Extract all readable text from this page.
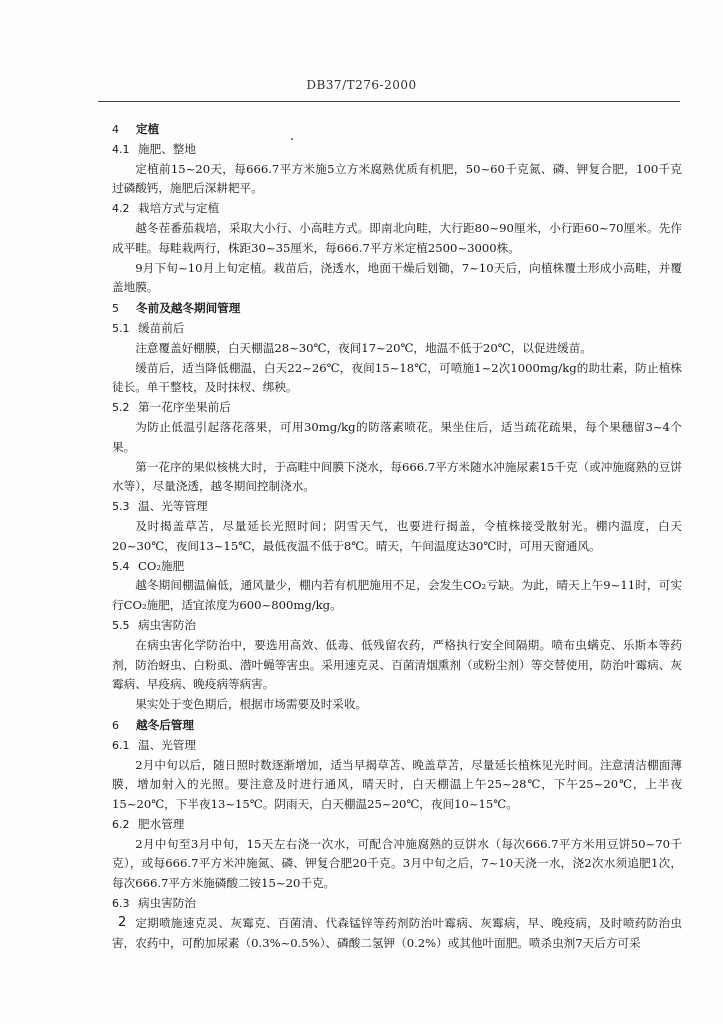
DB37/T276-2000
4 定植
4.1 施肥、整地

定植前15~20天，每666.7平方米施5立方米腐熟优质有机肥，50~60千克氮、磷、钾复合肥，100千克过磷酸钙，施肥后深耕耙平。

4.2 栽培方式与定植

越冬茬番茄栽培，采取大小行、小高畦方式。即南北向畦，大行距80~90厘米，小行距60~70厘米。先作成平畦。每畦栽两行，株距30~35厘米，每666.7平方米定植2500~3000株。

9月下旬~10月上旬定植。栽苗后，浇透水，地面干燥后划锄，7~10天后，向植株覆土形成小高畦，并覆盖地膜。

5 冬前及越冬期间管理
5.1 缓苗前后

注意覆盖好棚膜，白天棚温28~30℃，夜间17~20℃，地温不低于20℃，以促进缓苗。

缓苗后，适当降低棚温，白天22~26℃，夜间15~18℃，可喷施1~2次1000mg/kg的助壮素，防止植株徒长。单干整枝，及时抹杈、绑秧。

5.2 第一花序坐果前后

为防止低温引起落花落果，可用30mg/kg的防落素喷花。果坐住后，适当疏花疏果，每个果穗留3~4个果。

第一花序的果似核桃大时，于高畦中间膜下浇水，每666.7平方米随水冲施尿素15千克（或冲施腐熟的豆饼水等），尽量浇透，越冬期间控制浇水。

5.3 温、光等管理

及时揭盖草苫，尽量延长光照时间；阴雪天气，也要进行揭盖，令植株接受散射光。棚内温度，白天20~30℃，夜间13~15℃，最低夜温不低于8℃。晴天，午间温度达30℃时，可用天窗通风。

5.4 CO₂施肥

越冬期间棚温偏低，通风量少，棚内若有机肥施用不足，会发生CO₂亏缺。为此，晴天上午9~11时，可实行CO₂施肥，适宜浓度为600~800mg/kg。

5.5 病虫害防治

在病虫害化学防治中，要选用高效、低毒、低残留农药，严格执行安全间隔期。喷布虫螨克、乐斯本等药剂，防治蚜虫、白粉虱、潜叶蝇等害虫。采用速克灵、百菌清烟熏剂（或粉尘剂）等交替使用，防治叶霉病、灰霉病、早疫病、晚疫病等病害。

果实处于变色期后，根据市场需要及时采收。

6 越冬后管理
6.1 温、光管理

2月中旬以后，随日照时数逐渐增加，适当早揭草苫、晚盖草苫，尽量延长植株见光时间。注意清洁棚面薄膜，增加射入的光照。要注意及时进行通风，晴天时，白天棚温上午25~28℃，下午25~20℃，上半夜15~20℃，下半夜13~15℃。阴雨天，白天棚温25~20℃，夜间10~15℃。

6.2 肥水管理

2月中旬至3月中旬，15天左右浇一次水，可配合冲施腐熟的豆饼水（每次666.7平方米用豆饼50~70千克），或每666.7平方米冲施氮、磷、钾复合肥20千克。3月中旬之后，7~10天浇一水，浇2次水须追肥1次，每次666.7平方米施磷酸二铵15~20千克。

6.3 病虫害防治

定期喷施速克灵、灰霉克、百菌清、代森锰锌等药剂防治叶霉病、灰霉病，早、晚疫病，及时喷药防治虫害，农药中，可酌加尿素（0.3%~0.5%）、磷酸二氢钾（0.2%）或其他叶面肥。喷杀虫剂7天后方可采

2
